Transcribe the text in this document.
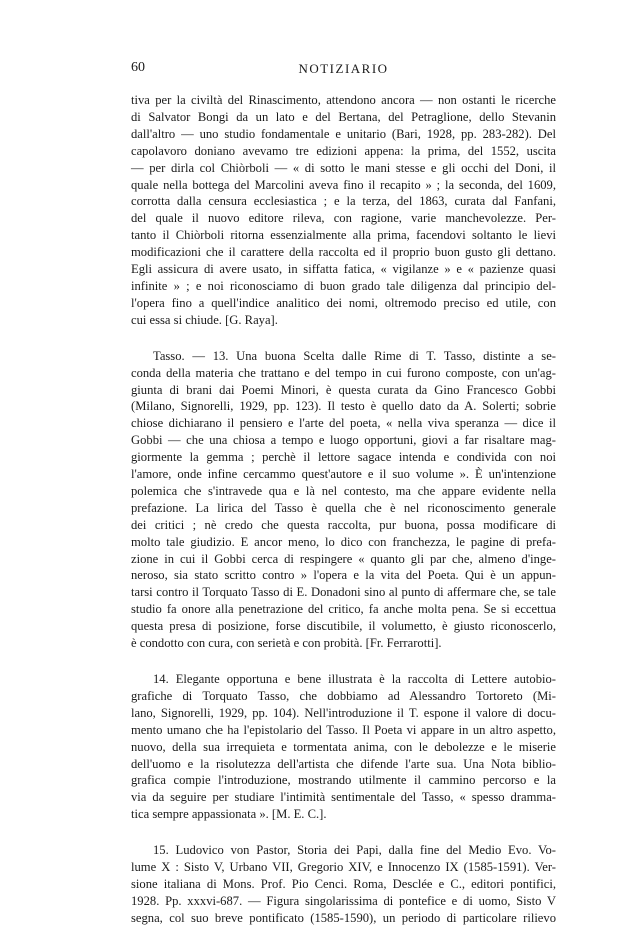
60	NOTIZIARIO
tiva per la civiltà del Rinascimento, attendono ancora — non ostanti le ricerche
di Salvator Bongi da un lato e del Bertana, del Petraglione, dello Stevanin
dall'altro — uno studio fondamentale e unitario (Bari, 1928, pp. 283-282). Del
capolavoro doniano avevamo tre edizioni appena: la prima, del 1552, uscita
— per dirla col Chiòrboli — « di sotto le mani stesse e gli occhi del Doni, il
quale nella bottega del Marcolini aveva fino il recapito » ; la seconda, del 1609,
corrotta dalla censura ecclesiastica ; e la terza, del 1863, curata dal Fanfani,
del quale il nuovo editore rileva, con ragione, varie manchevolezze. Per-
tanto il Chiòrboli ritorna essenzialmente alla prima, facendovi soltanto le lievi
modificazioni che il carattere della raccolta ed il proprio buon gusto gli dettano.
Egli assicura di avere usato, in siffatta fatica, « vigilanze » e « pazienze quasi
infinite » ; e noi riconosciamo di buon grado tale diligenza dal principio del-
l'opera fino a quell'indice analitico dei nomi, oltremodo preciso ed utile, con
cui essa si chiude. [G. Raya].
Tasso. — 13. Una buona Scelta dalle Rime di T. Tasso, distinte a se-
conda della materia che trattano e del tempo in cui furono composte, con un'ag-
giunta di brani dai Poemi Minori, è questa curata da Gino Francesco Gobbi
(Milano, Signorelli, 1929, pp. 123). Il testo è quello dato da A. Solerti; sobrie
chiose dichiarano il pensiero e l'arte del poeta, « nella viva speranza — dice il
Gobbi — che una chiosa a tempo e luogo opportuni, giovi a far risaltare mag-
giormente la gemma ; perchè il lettore sagace intenda e condivida con noi
l'amore, onde infine cercammo quest'autore e il suo volume ». È un'intenzione
polemica che s'intravede qua e là nel contesto, ma che appare evidente nella
prefazione. La lirica del Tasso è quella che è nel riconoscimento generale
dei critici ; nè credo che questa raccolta, pur buona, possa modificare di
molto tale giudizio. E ancor meno, lo dico con franchezza, le pagine di prefa-
zione in cui il Gobbi cerca di respingere « quanto gli par che, almeno d'inge-
neroso, sia stato scritto contro » l'opera e la vita del Poeta. Qui è un appun-
tarsi contro il Torquato Tasso di E. Donadoni sino al punto di affermare che, se tale
studio fa onore alla penetrazione del critico, fa anche molta pena. Se si eccettua
questa presa di posizione, forse discutibile, il volumetto, è giusto riconoscerlo,
è condotto con cura, con serietà e con probità. [Fr. Ferrarotti].
14. Elegante opportuna e bene illustrata è la raccolta di Lettere autobio-
grafiche di Torquato Tasso, che dobbiamo ad Alessandro Tortoreto (Mi-
lano, Signorelli, 1929, pp. 104). Nell'introduzione il T. espone il valore di docu-
mento umano che ha l'epistolario del Tasso. Il Poeta vi appare in un altro aspetto,
nuovo, della sua irrequieta e tormentata anima, con le debolezze e le miserie
dell'uomo e la risolutezza dell'artista che difende l'arte sua. Una Nota biblio-
grafica compie l'introduzione, mostrando utilmente il cammino percorso e la
via da seguire per studiare l'intimità sentimentale del Tasso, « spesso dramma-
tica sempre appassionata ». [M. E. C.].
15. Ludovico von Pastor, Storia dei Papi, dalla fine del Medio Evo. Vo-
lume X : Sisto V, Urbano VII, Gregorio XIV, e Innocenzo IX (1585-1591). Ver-
sione italiana di Mons. Prof. Pio Cenci. Roma, Desclée e C., editori pontifici,
1928. Pp. xxxvi-687. — Figura singolarissima di pontefice e di uomo, Sisto V
segna, col suo breve pontificato (1585-1590), un periodo di particolare rilievo
